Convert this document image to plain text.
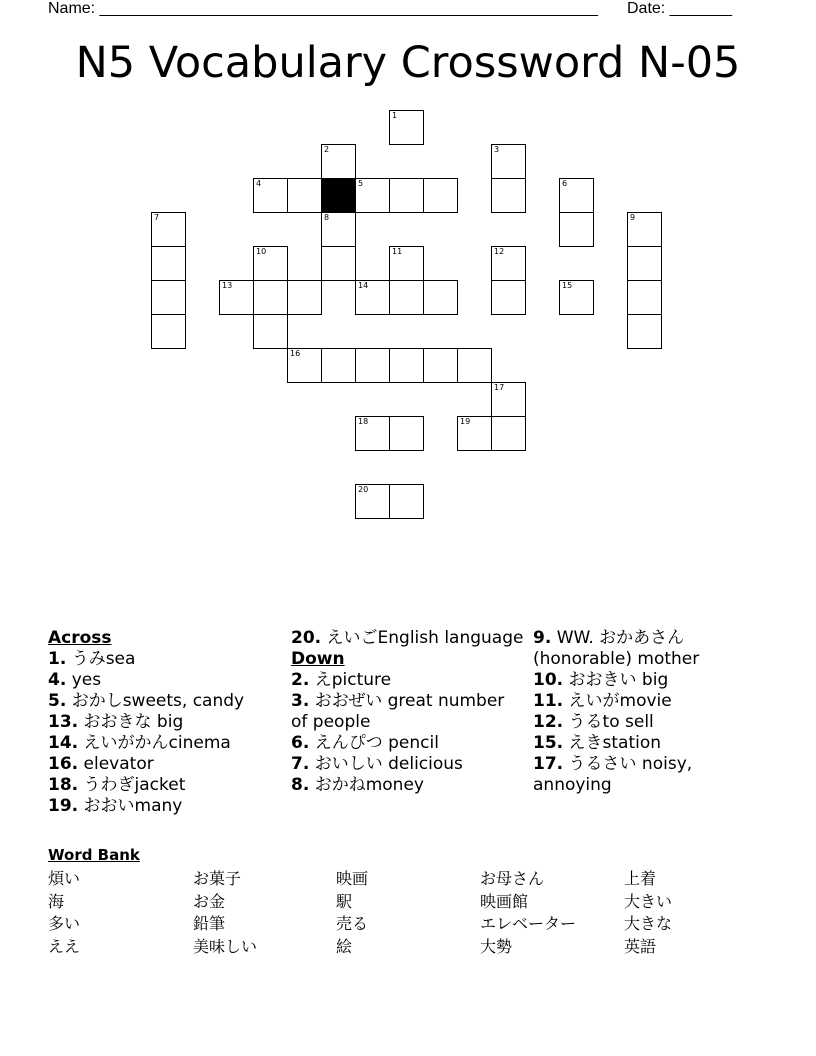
Name: ________________________________________________________ Date: _______
N5 Vocabulary Crossword N-05
1
2	3
4	5	6
7	8	9
10	11	12
13	14	15
16
17
18	19
20
Across
1. うみsea
4. yes
5. おかしsweets, candy
13. おおきな big
14. えいがかんcinema
16. elevator
18. うわぎjacket
19. おおいmany
20. えいごEnglish language
Down
2. えpicture
3. おおぜい great number of people
6. えんぴつ pencil
7. おいしい delicious
8. おかねmoney
9. WW. おかあさん(honorable) mother
10. おおきい big
11. えいがmovie
12. うるto sell
15. えきstation
17. うるさい noisy, annoying
Word Bank
煩い
海
多い
ええ
お菓子
お金
鉛筆
美味しい
映画
駅
売る
絵
お母さん
映画館
エレベーター
大勢
上着
大きい
大きな
英語
